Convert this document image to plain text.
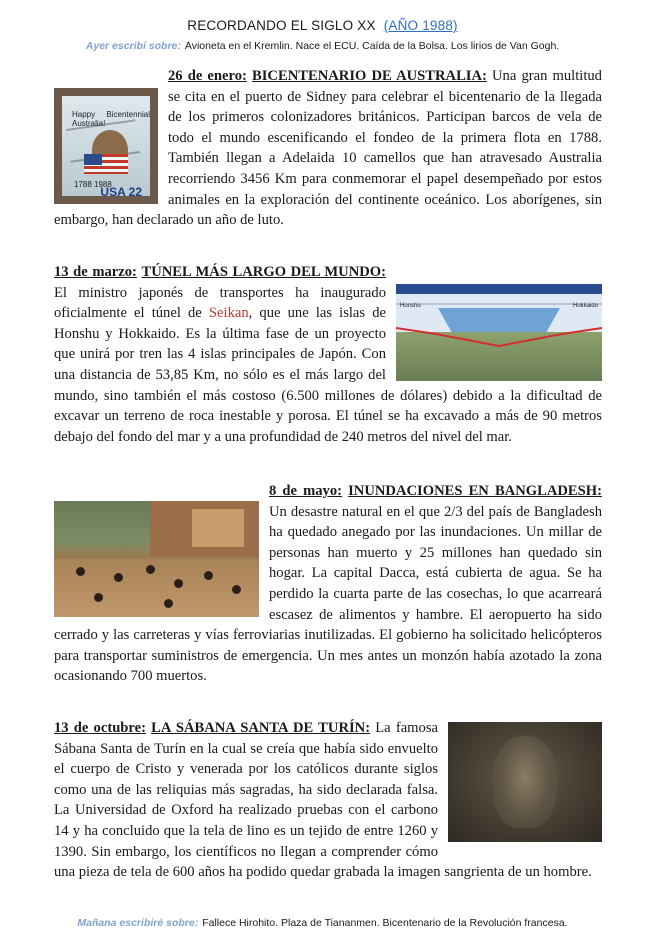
RECORDANDO EL SIGLO XX (AÑO 1988)
Ayer escribí sobre: Avioneta en el Kremlin. Nace el ECU. Caída de la Bolsa. Los lirios de Van Gogh.
Happy Bicentennial Australia!
1788 1988
USA 22
26 de enero: BICENTENARIO DE AUSTRALIA: Una gran multitud se cita en el puerto de Sidney para celebrar el bicentenario de la llegada de los primeros colonizadores británicos. Participan barcos de vela de todo el mundo escenificando el fondeo de la primera flota en 1788. También llegan a Adelaida 10 camellos que han atravesado Australia recorriendo 3456 Km para conmemorar el papel desempeñado por estos animales en la exploración del continente oceánico. Los aborígenes, sin embargo, han declarado un año de luto.
Honshu	Hokkaido
13 de marzo: TÚNEL MÁS LARGO DEL MUNDO: El ministro japonés de transportes ha inaugurado oficialmente el túnel de Seikan, que une las islas de Honshu y Hokkaido. Es la última fase de un proyecto que unirá por tren las 4 islas principales de Japón. Con una distancia de 53,85 Km, no sólo es el más largo del mundo, sino también el más costoso (6.500 millones de dólares) debido a la dificultad de excavar un terreno de roca inestable y porosa. El túnel se ha excavado a más de 90 metros debajo del fondo del mar y a una profundidad de 240 metros del nivel del mar.
8 de mayo: INUNDACIONES EN BANGLADESH: Un desastre natural en el que 2/3 del país de Bangladesh ha quedado anegado por las inundaciones. Un millar de personas han muerto y 25 millones han quedado sin hogar. La capital Dacca, está cubierta de agua. Se ha perdido la cuarta parte de las cosechas, lo que acarreará escasez de alimentos y hambre. El aeropuerto ha sido cerrado y las carreteras y vías ferroviarias inutilizadas. El gobierno ha solicitado helicópteros para transportar suministros de emergencia. Un mes antes un monzón había azotado la zona ocasionando 700 muertos.
13 de octubre: LA SÁBANA SANTA DE TURÍN: La famosa Sábana Santa de Turín en la cual se creía que había sido envuelto el cuerpo de Cristo y venerada por los católicos durante siglos como una de las reliquias más sagradas, ha sido declarada falsa. La Universidad de Oxford ha realizado pruebas con el carbono 14 y ha concluido que la tela de lino es un tejido de entre 1260 y 1390. Sin embargo, los científicos no llegan a comprender cómo una pieza de tela de 600 años ha podido quedar grabada la imagen sangrienta de un hombre.
Mañana escribiré sobre: Fallece Hirohito. Plaza de Tiananmen. Bicentenario de la Revolución francesa.
